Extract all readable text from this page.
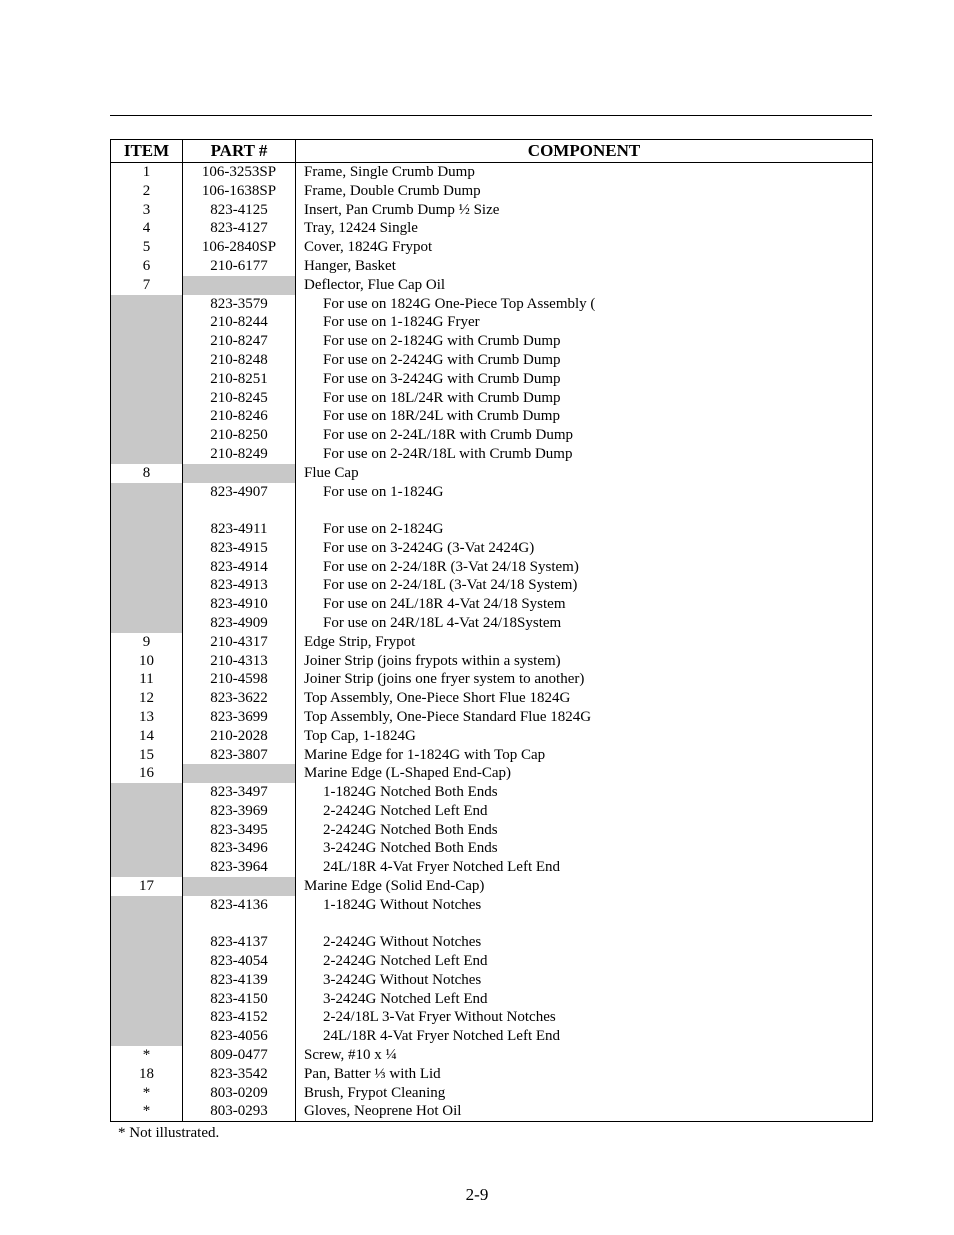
ITEM	PART #	COMPONENT
1	106-3253SP	Frame, Single Crumb Dump
2	106-1638SP	Frame, Double Crumb Dump
3	823-4125	Insert, Pan Crumb Dump ½ Size
4	823-4127	Tray, 12424 Single
5	106-2840SP	Cover, 1824G Frypot
6	210-6177	Hanger, Basket
7		Deflector, Flue Cap Oil
	823-3579	For use on 1824G One-Piece Top Assembly (
	210-8244	For use on 1-1824G Fryer
	210-8247	For use on 2-1824G with Crumb Dump
	210-8248	For use on 2-2424G with Crumb Dump
	210-8251	For use on 3-2424G with Crumb Dump
	210-8245	For use on 18L/24R with Crumb Dump
	210-8246	For use on 18R/24L with Crumb Dump
	210-8250	For use on 2-24L/18R with Crumb Dump
	210-8249	For use on 2-24R/18L with Crumb Dump
8		Flue Cap
	823-4907	For use on 1-1824G

	823-4911	For use on 2-1824G
	823-4915	For use on 3-2424G (3-Vat 2424G)
	823-4914	For use on 2-24/18R (3-Vat 24/18 System)
	823-4913	For use on 2-24/18L (3-Vat 24/18 System)
	823-4910	For use on 24L/18R 4-Vat 24/18 System
	823-4909	For use on 24R/18L 4-Vat 24/18System
9	210-4317	Edge Strip, Frypot
10	210-4313	Joiner Strip (joins frypots within a system)
11	210-4598	Joiner Strip (joins one fryer system to another)
12	823-3622	Top Assembly, One-Piece Short Flue 1824G
13	823-3699	Top Assembly, One-Piece Standard Flue 1824G
14	210-2028	Top Cap, 1-1824G
15	823-3807	Marine Edge for 1-1824G with Top Cap
16		Marine Edge (L-Shaped End-Cap)
	823-3497	1-1824G Notched Both Ends
	823-3969	2-2424G Notched Left End
	823-3495	2-2424G Notched Both Ends
	823-3496	3-2424G Notched Both Ends
	823-3964	24L/18R 4-Vat Fryer Notched Left End
17		Marine Edge (Solid End-Cap)
	823-4136	1-1824G Without Notches

	823-4137	2-2424G Without Notches
	823-4054	2-2424G Notched Left End
	823-4139	3-2424G Without Notches
	823-4150	3-2424G Notched Left End
	823-4152	2-24/18L 3-Vat Fryer Without Notches
	823-4056	24L/18R 4-Vat Fryer Notched Left End
*	809-0477	Screw, #10 x ¼
18	823-3542	Pan, Batter ⅓ with Lid
*	803-0209	Brush, Frypot Cleaning
*	803-0293	Gloves, Neoprene Hot Oil
* Not illustrated.
2-9
